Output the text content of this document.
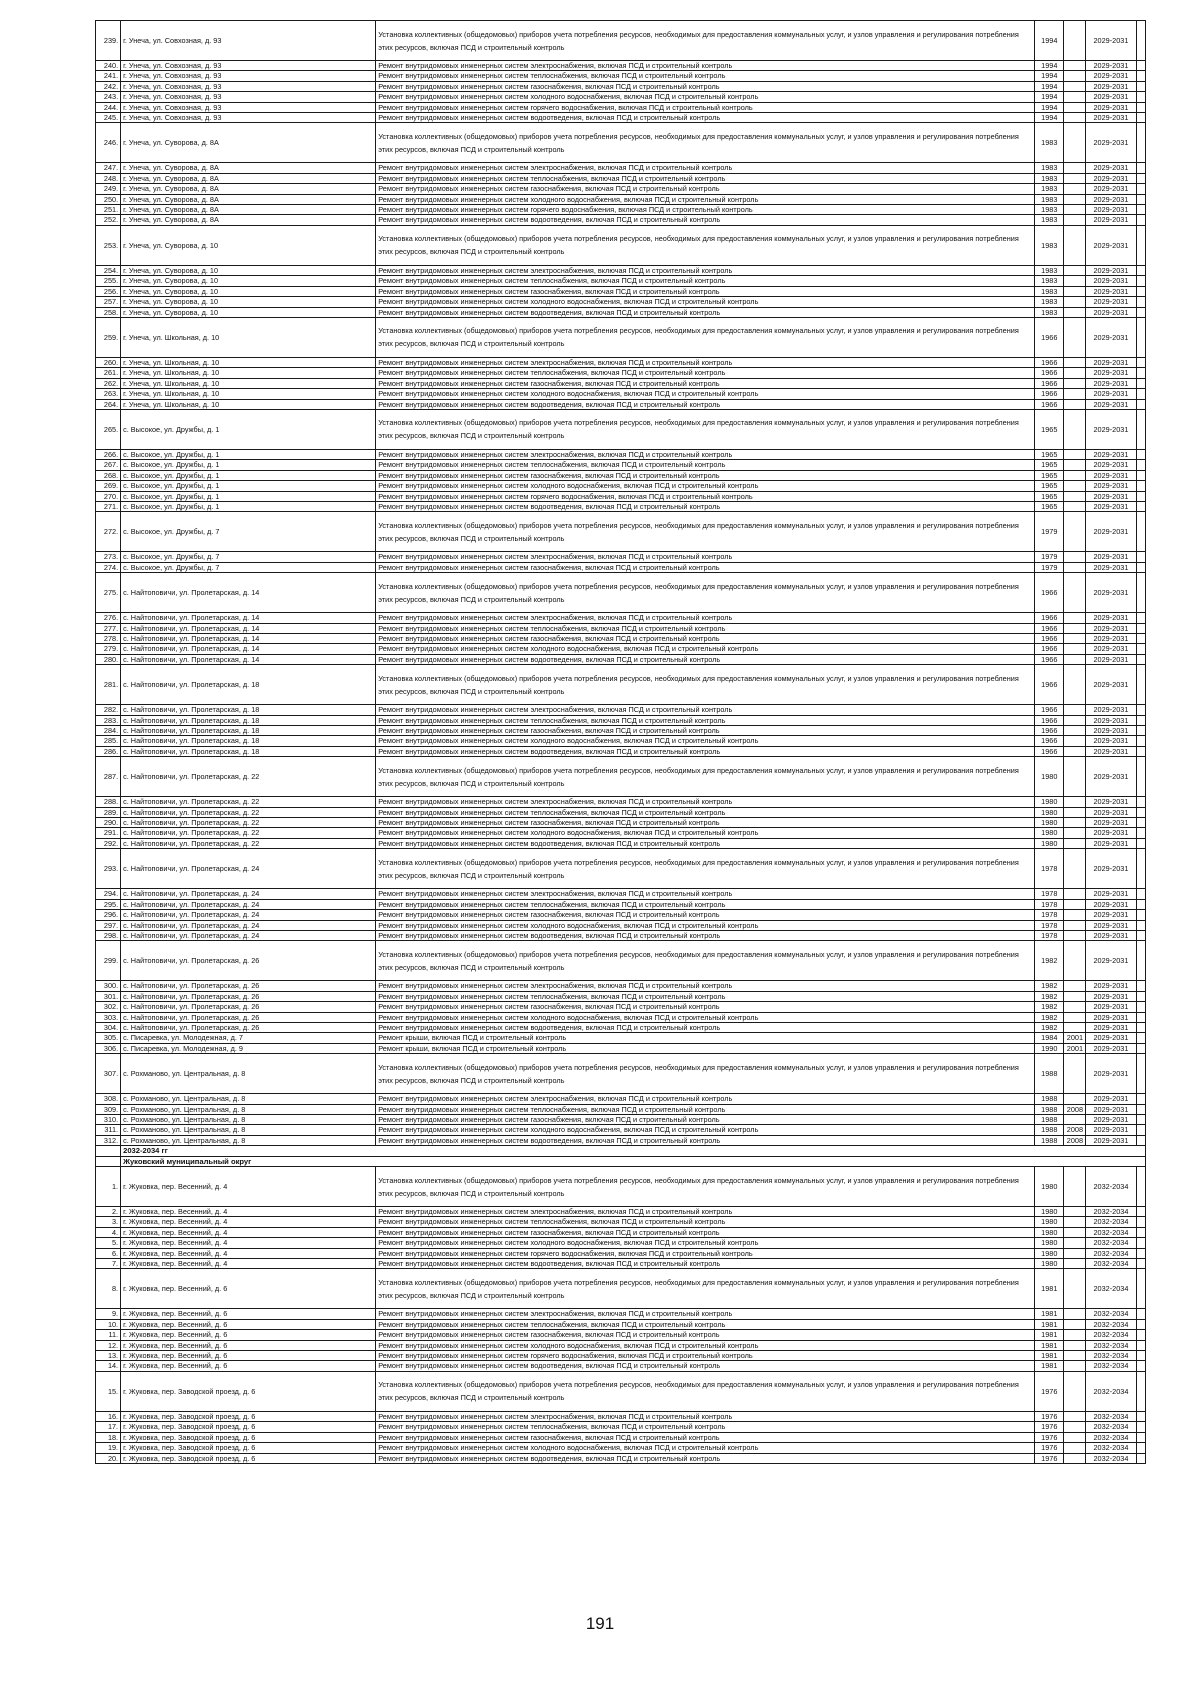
239.	г. Унеча, ул. Совхозная, д. 93	Установка коллективных (общедомовых) приборов учета потребления ресурсов, необходимых для предоставления коммунальных услуг, и узлов управления и регулирования потребления этих ресурсов, включая ПСД и строительный контроль	1994		2029-2031	
240.	г. Унеча, ул. Совхозная, д. 93	Ремонт внутридомовых инженерных систем электроснабжения, включая ПСД и строительный контроль	1994		2029-2031	
241.	г. Унеча, ул. Совхозная, д. 93	Ремонт внутридомовых инженерных систем теплоснабжения, включая ПСД и строительный контроль	1994		2029-2031	
242.	г. Унеча, ул. Совхозная, д. 93	Ремонт внутридомовых инженерных систем газоснабжения, включая ПСД и строительный контроль	1994		2029-2031	
243.	г. Унеча, ул. Совхозная, д. 93	Ремонт внутридомовых инженерных систем холодного водоснабжения, включая ПСД и строительный контроль	1994		2029-2031	
244.	г. Унеча, ул. Совхозная, д. 93	Ремонт внутридомовых инженерных систем горячего водоснабжения, включая ПСД и строительный контроль	1994		2029-2031	
245.	г. Унеча, ул. Совхозная, д. 93	Ремонт внутридомовых инженерных систем водоотведения, включая ПСД и строительный контроль	1994		2029-2031	
246.	г. Унеча, ул. Суворова, д. 8А	Установка коллективных (общедомовых) приборов учета потребления ресурсов, необходимых для предоставления коммунальных услуг, и узлов управления и регулирования потребления этих ресурсов, включая ПСД и строительный контроль	1983		2029-2031	
247.	г. Унеча, ул. Суворова, д. 8А	Ремонт внутридомовых инженерных систем электроснабжения, включая ПСД и строительный контроль	1983		2029-2031	
248.	г. Унеча, ул. Суворова, д. 8А	Ремонт внутридомовых инженерных систем теплоснабжения, включая ПСД и строительный контроль	1983		2029-2031	
249.	г. Унеча, ул. Суворова, д. 8А	Ремонт внутридомовых инженерных систем газоснабжения, включая ПСД и строительный контроль	1983		2029-2031	
250.	г. Унеча, ул. Суворова, д. 8А	Ремонт внутридомовых инженерных систем холодного водоснабжения, включая ПСД и строительный контроль	1983		2029-2031	
251.	г. Унеча, ул. Суворова, д. 8А	Ремонт внутридомовых инженерных систем горячего водоснабжения, включая ПСД и строительный контроль	1983		2029-2031	
252.	г. Унеча, ул. Суворова, д. 8А	Ремонт внутридомовых инженерных систем водоотведения, включая ПСД и строительный контроль	1983		2029-2031	
253.	г. Унеча, ул. Суворова, д. 10	Установка коллективных (общедомовых) приборов учета потребления ресурсов, необходимых для предоставления коммунальных услуг, и узлов управления и регулирования потребления этих ресурсов, включая ПСД и строительный контроль	1983		2029-2031	
254.	г. Унеча, ул. Суворова, д. 10	Ремонт внутридомовых инженерных систем электроснабжения, включая ПСД и строительный контроль	1983		2029-2031	
255.	г. Унеча, ул. Суворова, д. 10	Ремонт внутридомовых инженерных систем теплоснабжения, включая ПСД и строительный контроль	1983		2029-2031	
256.	г. Унеча, ул. Суворова, д. 10	Ремонт внутридомовых инженерных систем газоснабжения, включая ПСД и строительный контроль	1983		2029-2031	
257.	г. Унеча, ул. Суворова, д. 10	Ремонт внутридомовых инженерных систем холодного водоснабжения, включая ПСД и строительный контроль	1983		2029-2031	
258.	г. Унеча, ул. Суворова, д. 10	Ремонт внутридомовых инженерных систем водоотведения, включая ПСД и строительный контроль	1983		2029-2031	
259.	г. Унеча, ул. Школьная, д. 10	Установка коллективных (общедомовых) приборов учета потребления ресурсов, необходимых для предоставления коммунальных услуг, и узлов управления и регулирования потребления этих ресурсов, включая ПСД и строительный контроль	1966		2029-2031	
260.	г. Унеча, ул. Школьная, д. 10	Ремонт внутридомовых инженерных систем электроснабжения, включая ПСД и строительный контроль	1966		2029-2031	
261.	г. Унеча, ул. Школьная, д. 10	Ремонт внутридомовых инженерных систем теплоснабжения, включая ПСД и строительный контроль	1966		2029-2031	
262.	г. Унеча, ул. Школьная, д. 10	Ремонт внутридомовых инженерных систем газоснабжения, включая ПСД и строительный контроль	1966		2029-2031	
263.	г. Унеча, ул. Школьная, д. 10	Ремонт внутридомовых инженерных систем холодного водоснабжения, включая ПСД и строительный контроль	1966		2029-2031	
264.	г. Унеча, ул. Школьная, д. 10	Ремонт внутридомовых инженерных систем водоотведения, включая ПСД и строительный контроль	1966		2029-2031	
265.	с. Высокое, ул. Дружбы, д. 1	Установка коллективных (общедомовых) приборов учета потребления ресурсов, необходимых для предоставления коммунальных услуг, и узлов управления и регулирования потребления этих ресурсов, включая ПСД и строительный контроль	1965		2029-2031	
266.	с. Высокое, ул. Дружбы, д. 1	Ремонт внутридомовых инженерных систем электроснабжения, включая ПСД и строительный контроль	1965		2029-2031	
267.	с. Высокое, ул. Дружбы, д. 1	Ремонт внутридомовых инженерных систем теплоснабжения, включая ПСД и строительный контроль	1965		2029-2031	
268.	с. Высокое, ул. Дружбы, д. 1	Ремонт внутридомовых инженерных систем газоснабжения, включая ПСД и строительный контроль	1965		2029-2031	
269.	с. Высокое, ул. Дружбы, д. 1	Ремонт внутридомовых инженерных систем холодного водоснабжения, включая ПСД и строительный контроль	1965		2029-2031	
270.	с. Высокое, ул. Дружбы, д. 1	Ремонт внутридомовых инженерных систем горячего водоснабжения, включая ПСД и строительный контроль	1965		2029-2031	
271.	с. Высокое, ул. Дружбы, д. 1	Ремонт внутридомовых инженерных систем водоотведения, включая ПСД и строительный контроль	1965		2029-2031	
272.	с. Высокое, ул. Дружбы, д. 7	Установка коллективных (общедомовых) приборов учета потребления ресурсов, необходимых для предоставления коммунальных услуг, и узлов управления и регулирования потребления этих ресурсов, включая ПСД и строительный контроль	1979		2029-2031	
273.	с. Высокое, ул. Дружбы, д. 7	Ремонт внутридомовых инженерных систем электроснабжения, включая ПСД и строительный контроль	1979		2029-2031	
274.	с. Высокое, ул. Дружбы, д. 7	Ремонт внутридомовых инженерных систем газоснабжения, включая ПСД и строительный контроль	1979		2029-2031	
275.	с. Найтоповичи, ул. Пролетарская, д. 14	Установка коллективных (общедомовых) приборов учета потребления ресурсов, необходимых для предоставления коммунальных услуг, и узлов управления и регулирования потребления этих ресурсов, включая ПСД и строительный контроль	1966		2029-2031	
276.	с. Найтоповичи, ул. Пролетарская, д. 14	Ремонт внутридомовых инженерных систем электроснабжения, включая ПСД и строительный контроль	1966		2029-2031	
277.	с. Найтоповичи, ул. Пролетарская, д. 14	Ремонт внутридомовых инженерных систем теплоснабжения, включая ПСД и строительный контроль	1966		2029-2031	
278.	с. Найтоповичи, ул. Пролетарская, д. 14	Ремонт внутридомовых инженерных систем газоснабжения, включая ПСД и строительный контроль	1966		2029-2031	
279.	с. Найтоповичи, ул. Пролетарская, д. 14	Ремонт внутридомовых инженерных систем холодного водоснабжения, включая ПСД и строительный контроль	1966		2029-2031	
280.	с. Найтоповичи, ул. Пролетарская, д. 14	Ремонт внутридомовых инженерных систем водоотведения, включая ПСД и строительный контроль	1966		2029-2031	
281.	с. Найтоповичи, ул. Пролетарская, д. 18	Установка коллективных (общедомовых) приборов учета потребления ресурсов, необходимых для предоставления коммунальных услуг, и узлов управления и регулирования потребления этих ресурсов, включая ПСД и строительный контроль	1966		2029-2031	
282.	с. Найтоповичи, ул. Пролетарская, д. 18	Ремонт внутридомовых инженерных систем электроснабжения, включая ПСД и строительный контроль	1966		2029-2031	
283.	с. Найтоповичи, ул. Пролетарская, д. 18	Ремонт внутридомовых инженерных систем теплоснабжения, включая ПСД и строительный контроль	1966		2029-2031	
284.	с. Найтоповичи, ул. Пролетарская, д. 18	Ремонт внутридомовых инженерных систем газоснабжения, включая ПСД и строительный контроль	1966		2029-2031	
285.	с. Найтоповичи, ул. Пролетарская, д. 18	Ремонт внутридомовых инженерных систем холодного водоснабжения, включая ПСД и строительный контроль	1966		2029-2031	
286.	с. Найтоповичи, ул. Пролетарская, д. 18	Ремонт внутридомовых инженерных систем водоотведения, включая ПСД и строительный контроль	1966		2029-2031	
287.	с. Найтоповичи, ул. Пролетарская, д. 22	Установка коллективных (общедомовых) приборов учета потребления ресурсов, необходимых для предоставления коммунальных услуг, и узлов управления и регулирования потребления этих ресурсов, включая ПСД и строительный контроль	1980		2029-2031	
288.	с. Найтоповичи, ул. Пролетарская, д. 22	Ремонт внутридомовых инженерных систем электроснабжения, включая ПСД и строительный контроль	1980		2029-2031	
289.	с. Найтоповичи, ул. Пролетарская, д. 22	Ремонт внутридомовых инженерных систем теплоснабжения, включая ПСД и строительный контроль	1980		2029-2031	
290.	с. Найтоповичи, ул. Пролетарская, д. 22	Ремонт внутридомовых инженерных систем газоснабжения, включая ПСД и строительный контроль	1980		2029-2031	
291.	с. Найтоповичи, ул. Пролетарская, д. 22	Ремонт внутридомовых инженерных систем холодного водоснабжения, включая ПСД и строительный контроль	1980		2029-2031	
292.	с. Найтоповичи, ул. Пролетарская, д. 22	Ремонт внутридомовых инженерных систем водоотведения, включая ПСД и строительный контроль	1980		2029-2031	
293.	с. Найтоповичи, ул. Пролетарская, д. 24	Установка коллективных (общедомовых) приборов учета потребления ресурсов, необходимых для предоставления коммунальных услуг, и узлов управления и регулирования потребления этих ресурсов, включая ПСД и строительный контроль	1978		2029-2031	
294.	с. Найтоповичи, ул. Пролетарская, д. 24	Ремонт внутридомовых инженерных систем электроснабжения, включая ПСД и строительный контроль	1978		2029-2031	
295.	с. Найтоповичи, ул. Пролетарская, д. 24	Ремонт внутридомовых инженерных систем теплоснабжения, включая ПСД и строительный контроль	1978		2029-2031	
296.	с. Найтоповичи, ул. Пролетарская, д. 24	Ремонт внутридомовых инженерных систем газоснабжения, включая ПСД и строительный контроль	1978		2029-2031	
297.	с. Найтоповичи, ул. Пролетарская, д. 24	Ремонт внутридомовых инженерных систем холодного водоснабжения, включая ПСД и строительный контроль	1978		2029-2031	
298.	с. Найтоповичи, ул. Пролетарская, д. 24	Ремонт внутридомовых инженерных систем водоотведения, включая ПСД и строительный контроль	1978		2029-2031	
299.	с. Найтоповичи, ул. Пролетарская, д. 26	Установка коллективных (общедомовых) приборов учета потребления ресурсов, необходимых для предоставления коммунальных услуг, и узлов управления и регулирования потребления этих ресурсов, включая ПСД и строительный контроль	1982		2029-2031	
300.	с. Найтоповичи, ул. Пролетарская, д. 26	Ремонт внутридомовых инженерных систем электроснабжения, включая ПСД и строительный контроль	1982		2029-2031	
301.	с. Найтоповичи, ул. Пролетарская, д. 26	Ремонт внутридомовых инженерных систем теплоснабжения, включая ПСД и строительный контроль	1982		2029-2031	
302.	с. Найтоповичи, ул. Пролетарская, д. 26	Ремонт внутридомовых инженерных систем газоснабжения, включая ПСД и строительный контроль	1982		2029-2031	
303.	с. Найтоповичи, ул. Пролетарская, д. 26	Ремонт внутридомовых инженерных систем холодного водоснабжения, включая ПСД и строительный контроль	1982		2029-2031	
304.	с. Найтоповичи, ул. Пролетарская, д. 26	Ремонт внутридомовых инженерных систем водоотведения, включая ПСД и строительный контроль	1982		2029-2031	
305.	с. Писаревка, ул. Молодежная, д. 7	Ремонт крыши, включая ПСД и строительный контроль	1984	2001	2029-2031	
306.	с. Писаревка, ул. Молодежная, д. 9	Ремонт крыши, включая ПСД и строительный контроль	1990	2001	2029-2031	
307.	с. Рохманово, ул. Центральная, д. 8	Установка коллективных (общедомовых) приборов учета потребления ресурсов, необходимых для предоставления коммунальных услуг, и узлов управления и регулирования потребления этих ресурсов, включая ПСД и строительный контроль	1988		2029-2031	
308.	с. Рохманово, ул. Центральная, д. 8	Ремонт внутридомовых инженерных систем электроснабжения, включая ПСД и строительный контроль	1988		2029-2031	
309.	с. Рохманово, ул. Центральная, д. 8	Ремонт внутридомовых инженерных систем теплоснабжения, включая ПСД и строительный контроль	1988	2008	2029-2031	
310.	с. Рохманово, ул. Центральная, д. 8	Ремонт внутридомовых инженерных систем газоснабжения, включая ПСД и строительный контроль	1988		2029-2031	
311.	с. Рохманово, ул. Центральная, д. 8	Ремонт внутридомовых инженерных систем холодного водоснабжения, включая ПСД и строительный контроль	1988	2008	2029-2031	
312.	с. Рохманово, ул. Центральная, д. 8	Ремонт внутридомовых инженерных систем водоотведения, включая ПСД и строительный контроль	1988	2008	2029-2031	
	2032-2034 гг					
	Жуковский муниципальный округ					
1.	г. Жуковка, пер. Весенний, д. 4	Установка коллективных (общедомовых) приборов учета потребления ресурсов, необходимых для предоставления коммунальных услуг, и узлов управления и регулирования потребления этих ресурсов, включая ПСД и строительный контроль	1980		2032-2034	
2.	г. Жуковка, пер. Весенний, д. 4	Ремонт внутридомовых инженерных систем электроснабжения, включая ПСД и строительный контроль	1980		2032-2034	
3.	г. Жуковка, пер. Весенний, д. 4	Ремонт внутридомовых инженерных систем теплоснабжения, включая ПСД и строительный контроль	1980		2032-2034	
4.	г. Жуковка, пер. Весенний, д. 4	Ремонт внутридомовых инженерных систем газоснабжения, включая ПСД и строительный контроль	1980		2032-2034	
5.	г. Жуковка, пер. Весенний, д. 4	Ремонт внутридомовых инженерных систем холодного водоснабжения, включая ПСД и строительный контроль	1980		2032-2034	
6.	г. Жуковка, пер. Весенний, д. 4	Ремонт внутридомовых инженерных систем горячего водоснабжения, включая ПСД и строительный контроль	1980		2032-2034	
7.	г. Жуковка, пер. Весенний, д. 4	Ремонт внутридомовых инженерных систем водоотведения, включая ПСД и строительный контроль	1980		2032-2034	
8.	г. Жуковка, пер. Весенний, д. 6	Установка коллективных (общедомовых) приборов учета потребления ресурсов, необходимых для предоставления коммунальных услуг, и узлов управления и регулирования потребления этих ресурсов, включая ПСД и строительный контроль	1981		2032-2034	
9.	г. Жуковка, пер. Весенний, д. 6	Ремонт внутридомовых инженерных систем электроснабжения, включая ПСД и строительный контроль	1981		2032-2034	
10.	г. Жуковка, пер. Весенний, д. 6	Ремонт внутридомовых инженерных систем теплоснабжения, включая ПСД и строительный контроль	1981		2032-2034	
11.	г. Жуковка, пер. Весенний, д. 6	Ремонт внутридомовых инженерных систем газоснабжения, включая ПСД и строительный контроль	1981		2032-2034	
12.	г. Жуковка, пер. Весенний, д. 6	Ремонт внутридомовых инженерных систем холодного водоснабжения, включая ПСД и строительный контроль	1981		2032-2034	
13.	г. Жуковка, пер. Весенний, д. 6	Ремонт внутридомовых инженерных систем горячего водоснабжения, включая ПСД и строительный контроль	1981		2032-2034	
14.	г. Жуковка, пер. Весенний, д. 6	Ремонт внутридомовых инженерных систем водоотведения, включая ПСД и строительный контроль	1981		2032-2034	
15.	г. Жуковка, пер. Заводской проезд, д. 6	Установка коллективных (общедомовых) приборов учета потребления ресурсов, необходимых для предоставления коммунальных услуг, и узлов управления и регулирования потребления этих ресурсов, включая ПСД и строительный контроль	1976		2032-2034	
16.	г. Жуковка, пер. Заводской проезд, д. 6	Ремонт внутридомовых инженерных систем электроснабжения, включая ПСД и строительный контроль	1976		2032-2034	
17.	г. Жуковка, пер. Заводской проезд, д. 6	Ремонт внутридомовых инженерных систем теплоснабжения, включая ПСД и строительный контроль	1976		2032-2034	
18.	г. Жуковка, пер. Заводской проезд, д. 6	Ремонт внутридомовых инженерных систем газоснабжения, включая ПСД и строительный контроль	1976		2032-2034	
19.	г. Жуковка, пер. Заводской проезд, д. 6	Ремонт внутридомовых инженерных систем холодного водоснабжения, включая ПСД и строительный контроль	1976		2032-2034	
20.	г. Жуковка, пер. Заводской проезд, д. 6	Ремонт внутридомовых инженерных систем водоотведения, включая ПСД и строительный контроль	1976		2032-2034	
191
